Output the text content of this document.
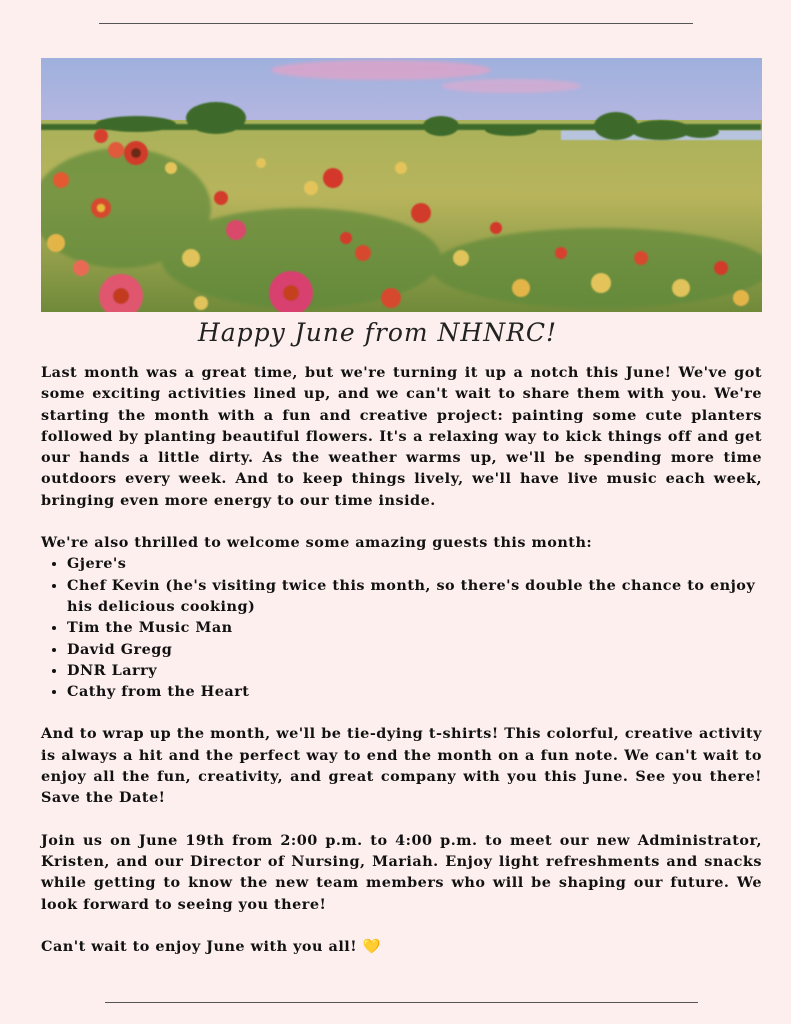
Happy June from NHNRC!

Last month was a great time, but we're turning it up a notch this June! We've got some exciting activities lined up, and we can't wait to share them with you. We're starting the month with a fun and creative project: painting some cute planters followed by planting beautiful flowers. It's a relaxing way to kick things off and get our hands a little dirty. As the weather warms up, we'll be spending more time outdoors every week. And to keep things lively, we'll have live music each week, bringing even more energy to our time inside.

We're also thrilled to welcome some amazing guests this month:

• Gjere's
• Chef Kevin (he's visiting twice this month, so there's double the chance to enjoy his delicious cooking)
• Tim the Music Man
• David Gregg
• DNR Larry
• Cathy from the Heart

And to wrap up the month, we'll be tie-dying t-shirts! This colorful, creative activity is always a hit and the perfect way to end the month on a fun note. We can't wait to enjoy all the fun, creativity, and great company with you this June. See you there! Save the Date!

Join us on June 19th from 2:00 p.m. to 4:00 p.m. to meet our new Administrator, Kristen, and our Director of Nursing, Mariah. Enjoy light refreshments and snacks while getting to know the new team members who will be shaping our future. We look forward to seeing you there!

Can't wait to enjoy June with you all! 💛
